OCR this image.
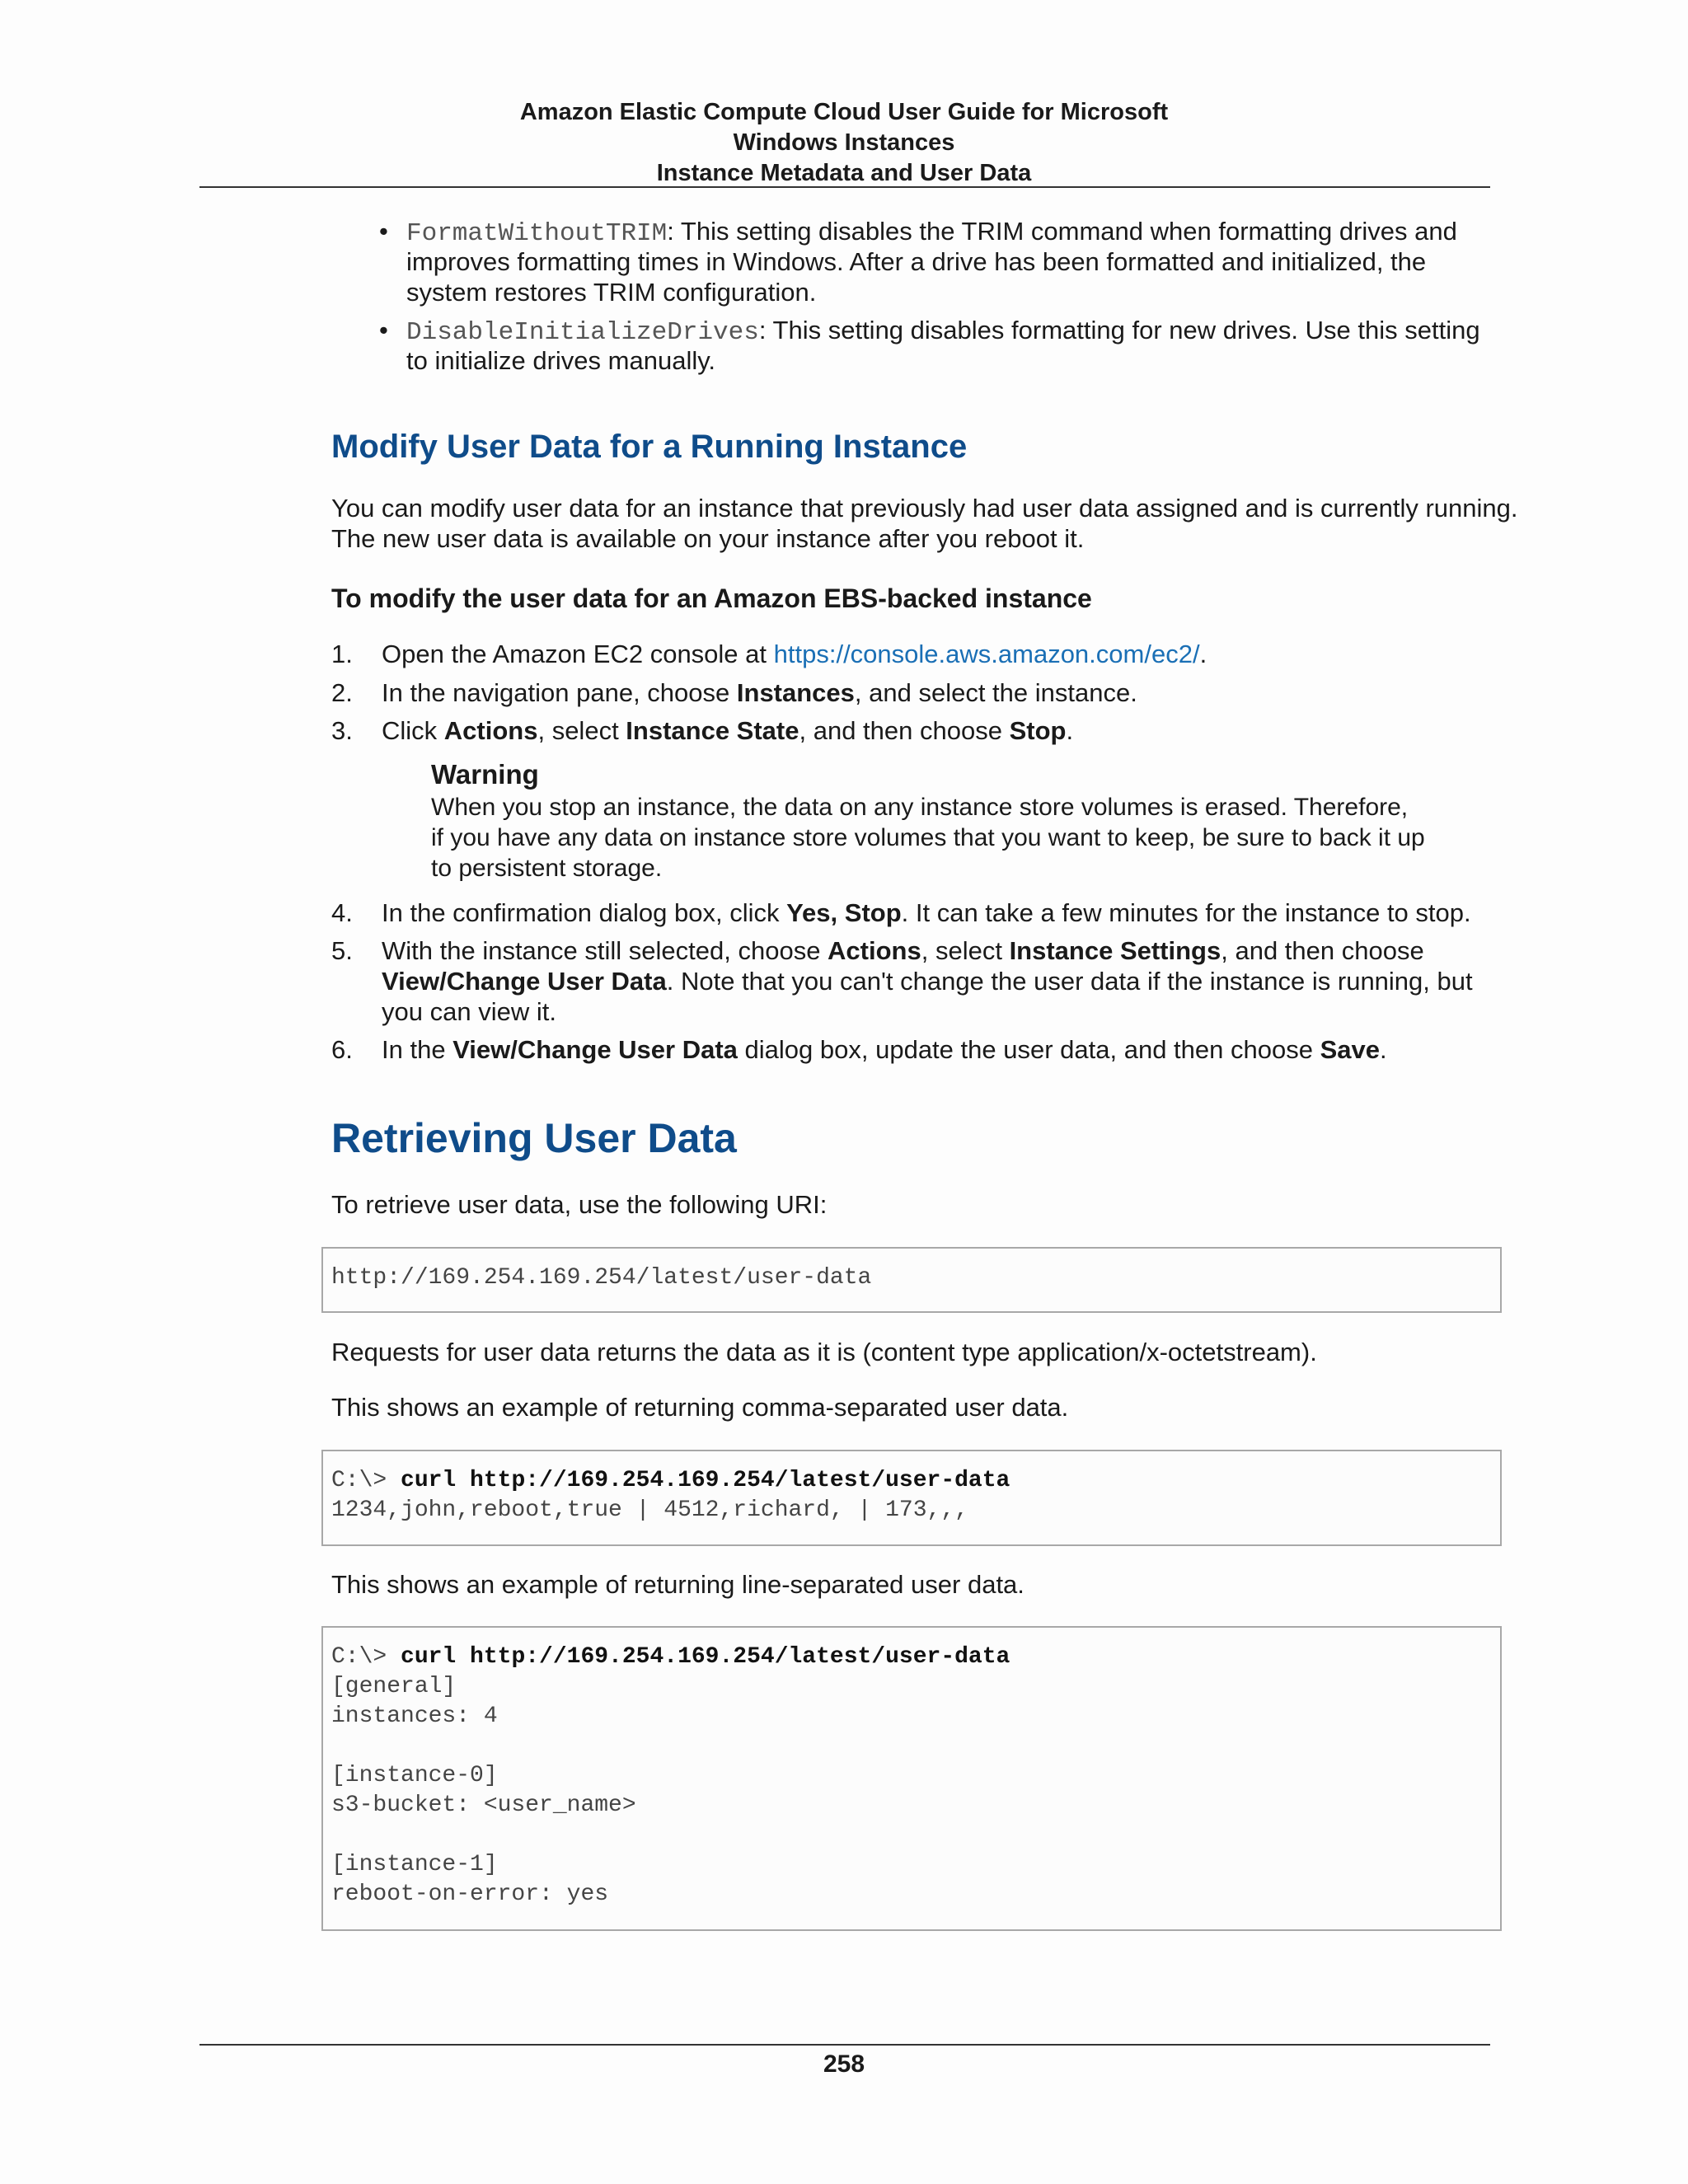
Amazon Elastic Compute Cloud User Guide for Microsoft
Windows Instances
Instance Metadata and User Data
• FormatWithoutTRIM: This setting disables the TRIM command when formatting drives and
improves formatting times in Windows. After a drive has been formatted and initialized, the
system restores TRIM configuration.
• DisableInitializeDrives: This setting disables formatting for new drives. Use this setting
to initialize drives manually.
Modify User Data for a Running Instance
You can modify user data for an instance that previously had user data assigned and is currently running.
The new user data is available on your instance after you reboot it.
To modify the user data for an Amazon EBS-backed instance
1. Open the Amazon EC2 console at https://console.aws.amazon.com/ec2/.
2. In the navigation pane, choose Instances, and select the instance.
3. Click Actions, select Instance State, and then choose Stop.
Warning
When you stop an instance, the data on any instance store volumes is erased. Therefore,
if you have any data on instance store volumes that you want to keep, be sure to back it up
to persistent storage.
4. In the confirmation dialog box, click Yes, Stop. It can take a few minutes for the instance to stop.
5. With the instance still selected, choose Actions, select Instance Settings, and then choose
View/Change User Data. Note that you can't change the user data if the instance is running, but
you can view it.
6. In the View/Change User Data dialog box, update the user data, and then choose Save.
Retrieving User Data
To retrieve user data, use the following URI:
http://169.254.169.254/latest/user-data
Requests for user data returns the data as it is (content type application/x-octetstream).
This shows an example of returning comma-separated user data.
C:\> curl http://169.254.169.254/latest/user-data
1234,john,reboot,true | 4512,richard, | 173,,,
This shows an example of returning line-separated user data.
C:\> curl http://169.254.169.254/latest/user-data
[general]
instances: 4
[instance-0]
s3-bucket: <user_name>
[instance-1]
reboot-on-error: yes
258
